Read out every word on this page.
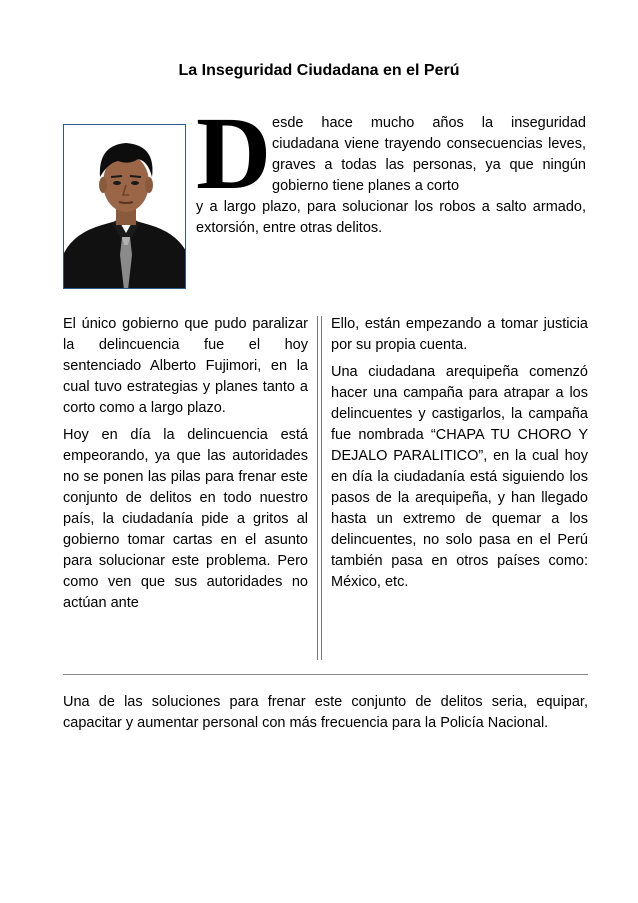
La Inseguridad Ciudadana en el Perú
D esde hace mucho años la inseguridad ciudadana viene trayendo consecuencias leves, graves a todas las personas, ya que ningún gobierno tiene planes a corto
y a largo plazo, para solucionar los robos a salto armado, extorsión, entre otras delitos.

El único gobierno que pudo paralizar la delincuencia fue el hoy sentenciado Alberto Fujimori, en la cual tuvo estrategias y planes tanto a corto como a largo plazo.

Hoy en día la delincuencia está empeorando, ya que las autoridades no se ponen las pilas para frenar este conjunto de delitos en todo nuestro país, la ciudadanía pide a gritos al gobierno tomar cartas en el asunto para solucionar este problema. Pero como ven que sus autoridades no actúan ante

Ello, están empezando a tomar justicia por su propia cuenta.

Una ciudadana arequipeña comenzó hacer una campaña para atrapar a los delincuentes y castigarlos, la campaña fue nombrada “CHAPA TU CHORO Y DEJALO PARALITICO”, en la cual hoy en día la ciudadanía está siguiendo los pasos de la arequipeña, y han llegado hasta un extremo de quemar a los delincuentes, no solo pasa en el Perú también pasa en otros países como: México, etc.

Una de las soluciones para frenar este conjunto de delitos seria, equipar, capacitar y aumentar personal con más frecuencia para la Policía Nacional.
